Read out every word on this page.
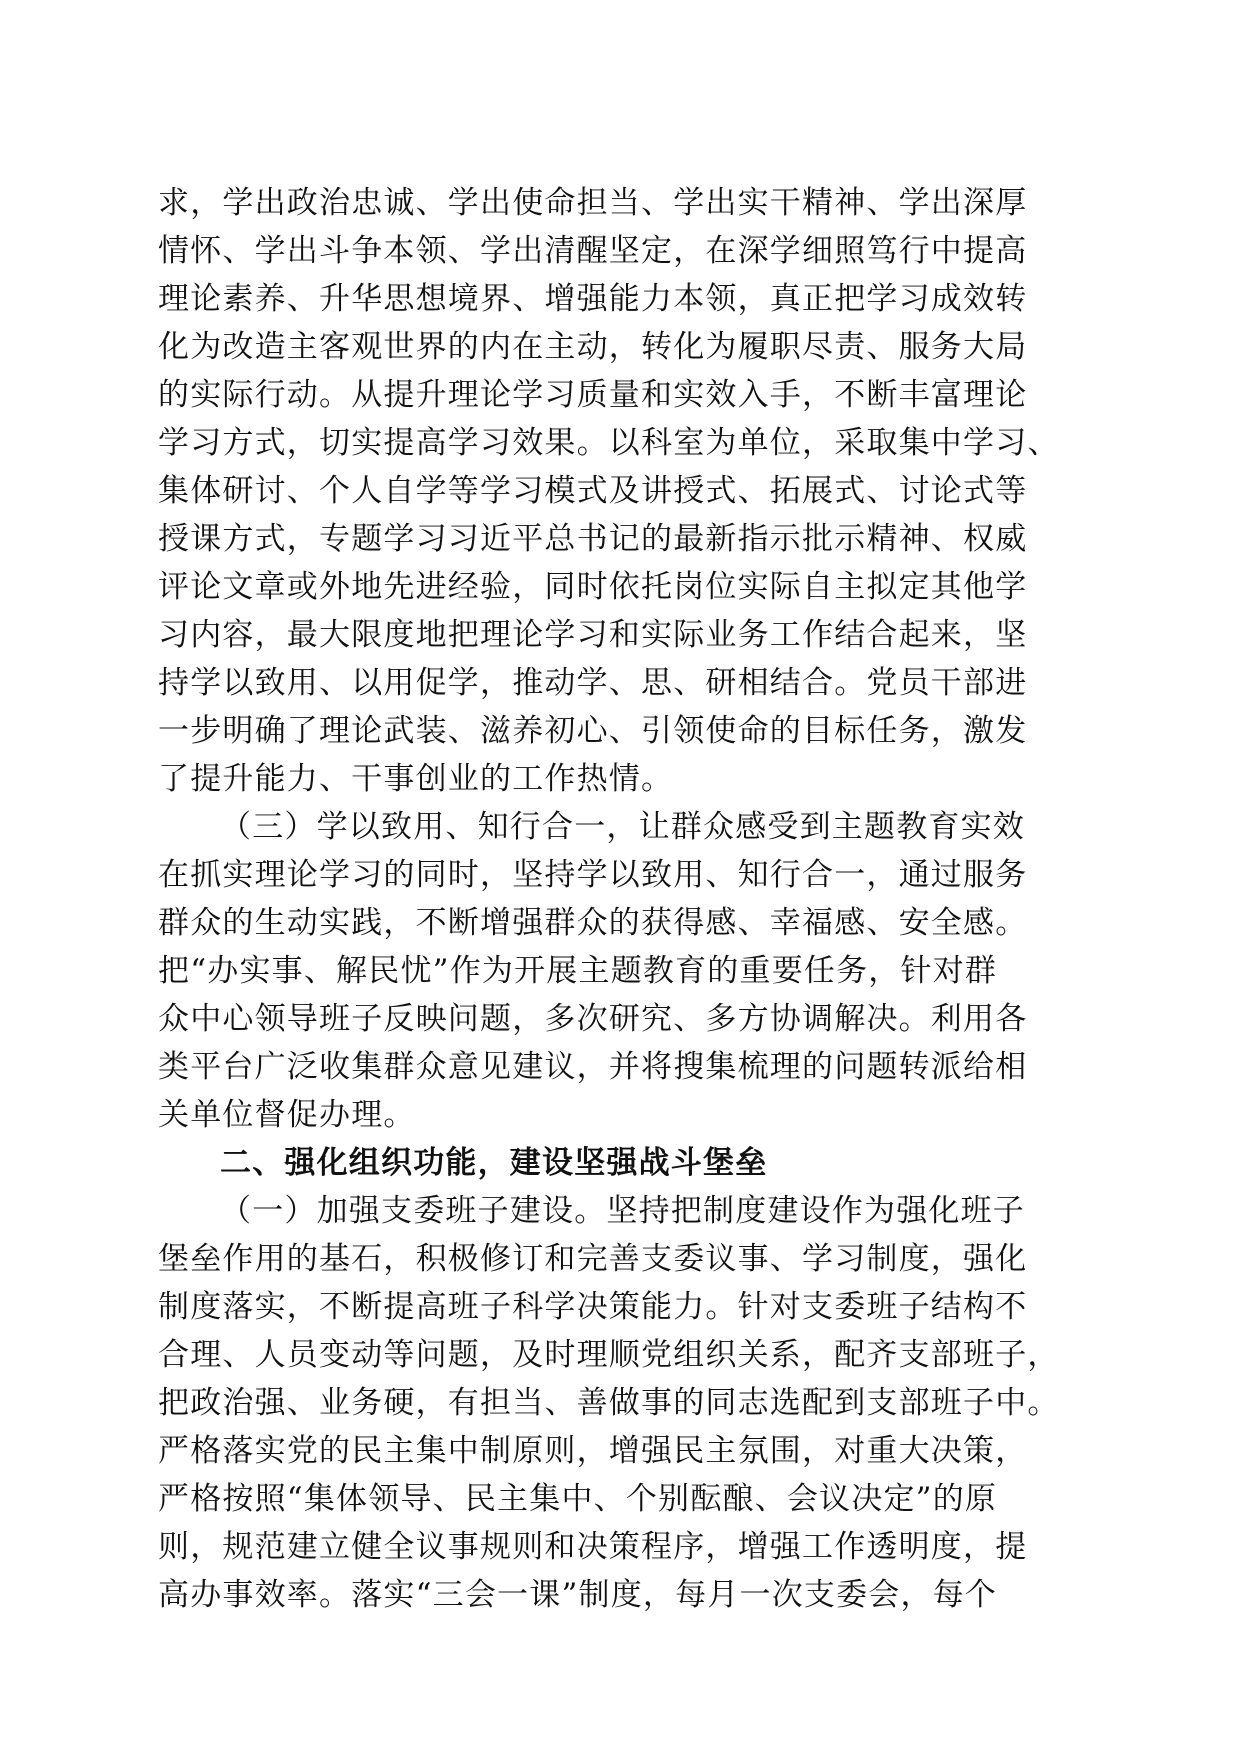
求，学出政治忠诚、学出使命担当、学出实干精神、学出深厚
情怀、学出斗争本领、学出清醒坚定，在深学细照笃行中提高
理论素养、升华思想境界、增强能力本领，真正把学习成效转
化为改造主客观世界的内在主动，转化为履职尽责、服务大局
的实际行动。从提升理论学习质量和实效入手，不断丰富理论
学习方式，切实提高学习效果。以科室为单位，采取集中学习、
集体研讨、个人自学等学习模式及讲授式、拓展式、讨论式等
授课方式，专题学习习近平总书记的最新指示批示精神、权威
评论文章或外地先进经验，同时依托岗位实际自主拟定其他学
习内容，最大限度地把理论学习和实际业务工作结合起来，坚
持学以致用、以用促学，推动学、思、研相结合。党员干部进
一步明确了理论武装、滋养初心、引领使命的目标任务，激发
了提升能力、干事创业的工作热情。
（三）学以致用、知行合一，让群众感受到主题教育实效
在抓实理论学习的同时，坚持学以致用、知行合一，通过服务
群众的生动实践，不断增强群众的获得感、幸福感、安全感。
把“办实事、解民忧”作为开展主题教育的重要任务，针对群
众中心领导班子反映问题，多次研究、多方协调解决。利用各
类平台广泛收集群众意见建议，并将搜集梳理的问题转派给相
关单位督促办理。
二、强化组织功能，建设坚强战斗堡垒
（一）加强支委班子建设。坚持把制度建设作为强化班子
堡垒作用的基石，积极修订和完善支委议事、学习制度，强化
制度落实，不断提高班子科学决策能力。针对支委班子结构不
合理、人员变动等问题，及时理顺党组织关系，配齐支部班子，
把政治强、业务硬，有担当、善做事的同志选配到支部班子中。
严格落实党的民主集中制原则，增强民主氛围，对重大决策，
严格按照“集体领导、民主集中、个别酝酿、会议决定”的原
则，规范建立健全议事规则和决策程序，增强工作透明度，提
高办事效率。落实“三会一课”制度，每月一次支委会，每个
